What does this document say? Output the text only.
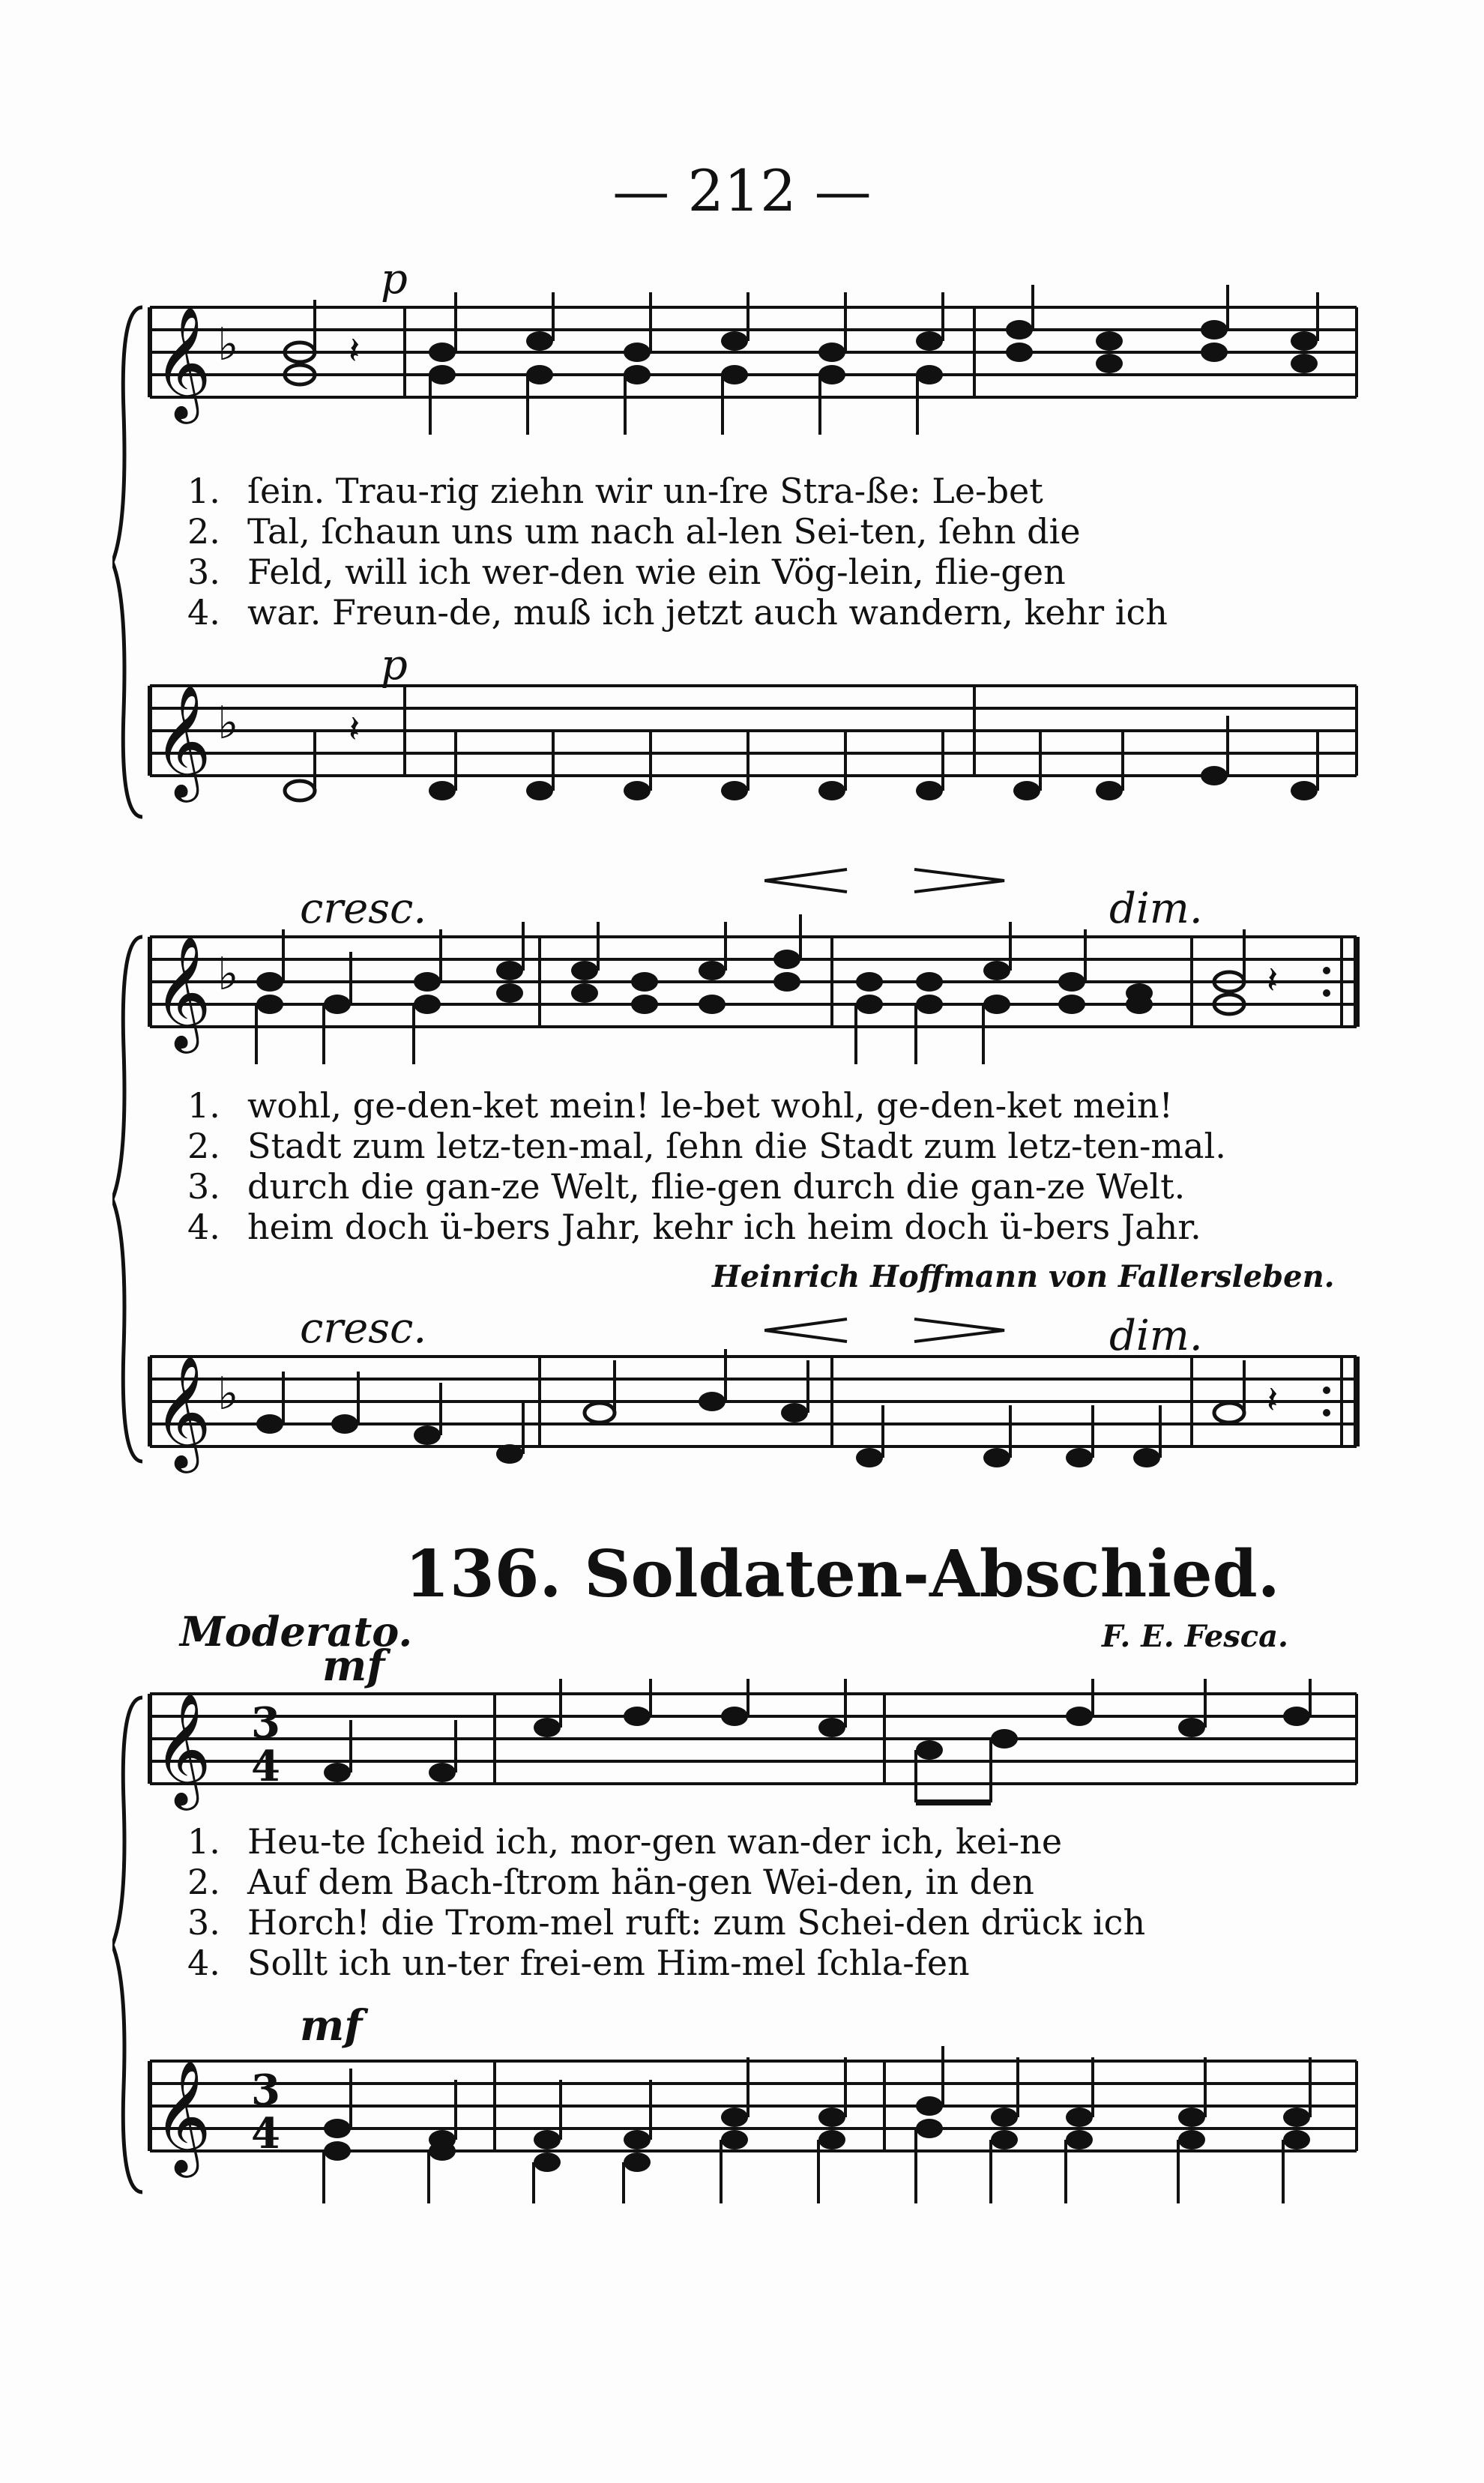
— 212 —
p
𝄞 ♭	𝄽
1. ſein. Trau-rig ziehn wir un-ſre Stra-ße: Le-bet
2. Tal, ſchaun uns um nach al-len Sei-ten, ſehn die
3. Feld, will ich wer-den wie ein Vög-lein, flie-gen
4. war. Freun-de, muß ich jetzt auch wandern, kehr ich
p
𝄞 ♭	𝄽
cresc.	dim.
𝄞 ♭	𝄽
1. wohl, ge-den-ket mein! le-bet wohl, ge-den-ket mein!
2. Stadt zum letz-ten-mal, ſehn die Stadt zum letz-ten-mal.
3. durch die gan-ze Welt, flie-gen durch die gan-ze Welt.
4. heim doch ü-bers Jahr, kehr ich heim doch ü-bers Jahr.
Heinrich Hoffmann von Fallersleben.
cresc.	dim.
𝄞 ♭	𝄽
136. Soldaten-Abschied.
Moderato.	F. E. Fesca.
mf
𝄞 3
4
1. Heu-te ſcheid ich, mor-gen wan-der ich, kei-ne
2. Auf dem Bach-ſtrom hän-gen Wei-den, in den
3. Horch! die Trom-mel ruft: zum Schei-den drück ich
4. Sollt ich un-ter frei-em Him-mel ſchla-fen
mf
𝄞 3
4
